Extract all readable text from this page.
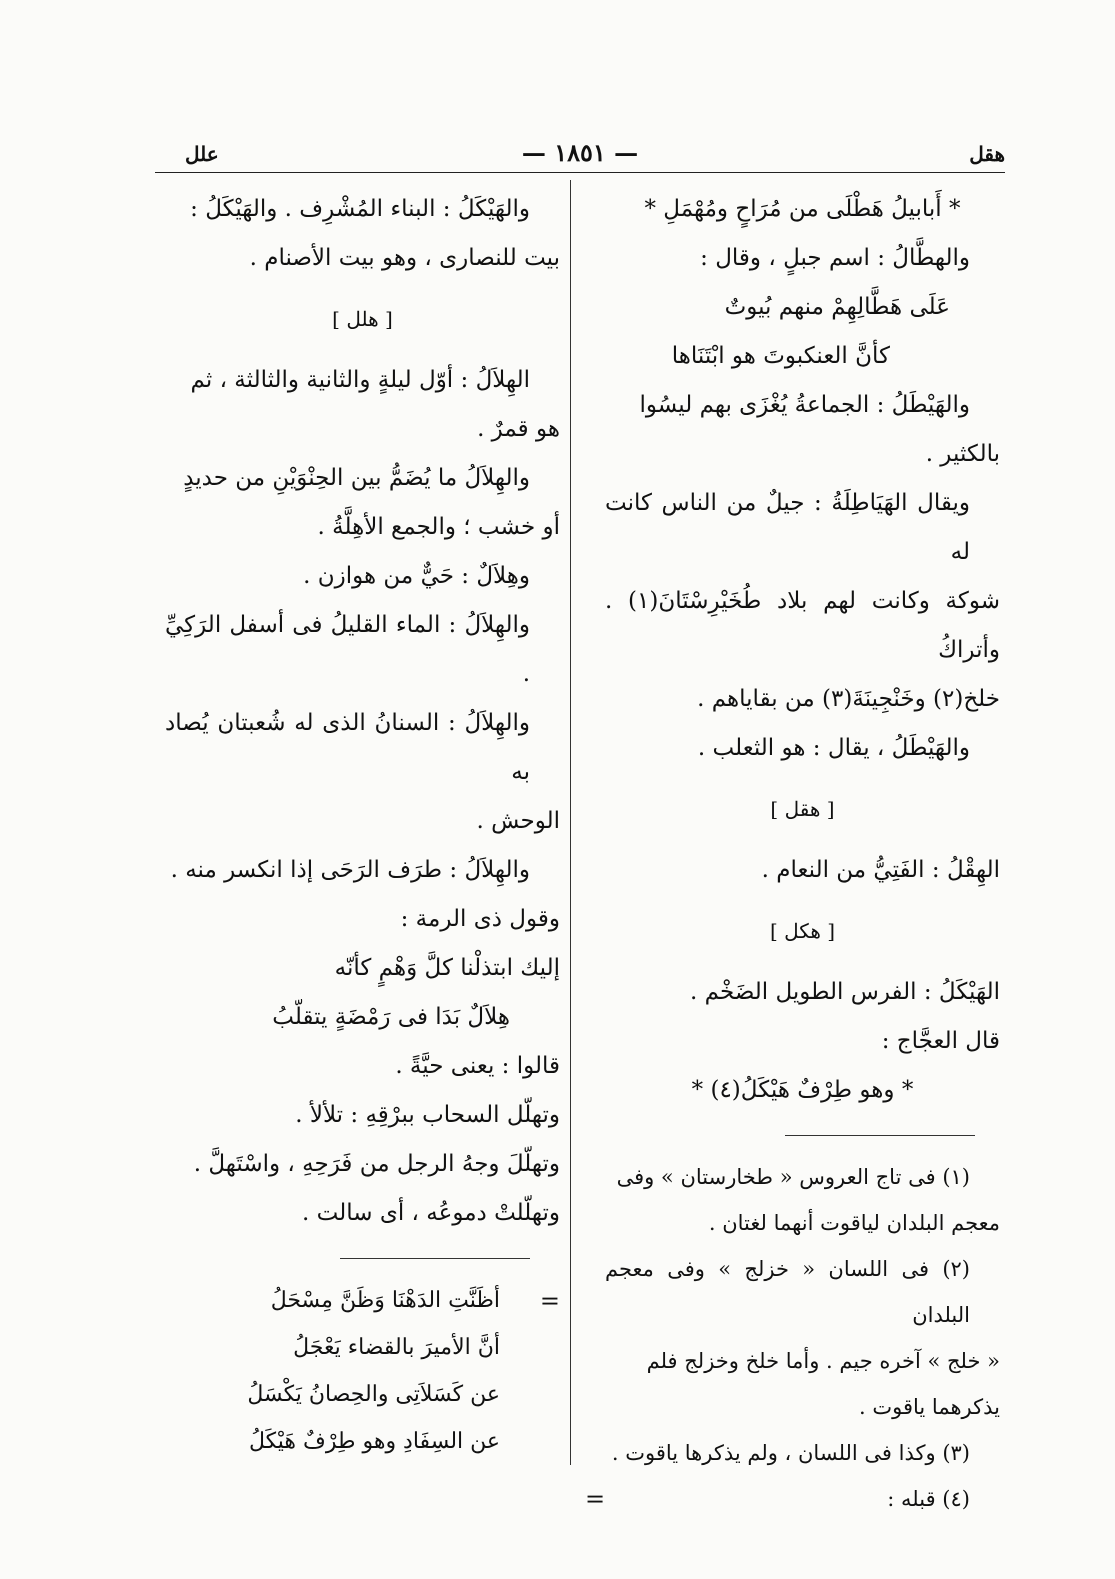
هقل
— ١٨٥١ —
علل

* أَبابيلُ هَطْلَى من مُرَاحٍ ومُهْمَلِ *

والهطَّالُ : اسم جبلٍ ، وقال :

عَلَى هَطَّالِهِمْ منهم بُيوتٌ

كأنَّ العنكبوتَ هو ابْتَنَاها

والهَيْطَلُ : الجماعةُ يُغْزَى بهم ليسُوا

بالكثير .

ويقال الهَيَاطِلَةُ : جيلٌ من الناس كانت له

شوكة وكانت لهم بلاد طُخَيْرِسْتَانَ(١) . وأتراكُ

خلخ(٢) وخَنْجِينَةَ(٣) من بقاياهم .

والهَيْطَلُ ، يقال : هو الثعلب .

[ هقل ]

الهِقْلُ : الفَتِيُّ من النعام .

[ هكل ]

الهَيْكَلُ : الفرس الطويل الضَخْم .

قال العجَّاج :

* وهو طِرْفٌ هَيْكَلُ(٤) *

(١) فى تاج العروس « طخارستان » وفى

معجم البلدان لياقوت أنهما لغتان .

(٢) فى اللسان « خزلج » وفى معجم البلدان

« خلج » آخره جيم . وأما خلخ وخزلج فلم

يذكرهما ياقوت .

(٣) وكذا فى اللسان ، ولم يذكرها ياقوت .

(٤) قبله :
=

والهَيْكَلُ : البناء المُشْرِف . والهَيْكَلُ :

بيت للنصارى ، وهو بيت الأصنام .

[ هلل ]

الهِلاَلُ : أوّل ليلةٍ والثانية والثالثة ، ثم

هو قمرٌ .

والهِلاَلُ ما يُضَمُّ بين الحِنْوَيْنِ من حديدٍ

أو خشب ؛ والجمع الأهِلَّةُ .

وهِلاَلٌ : حَيٌّ من هوازن .

والهِلاَلُ : الماء القليلُ فى أسفل الرَكِيِّ .

والهِلاَلُ : السنانُ الذى له شُعبتان يُصاد به

الوحش .

والهِلاَلُ : طرَف الرَحَى إذا انكسر منه .

وقول ذى الرمة :

إليك ابتذلْنا كلَّ وَهْمٍ كأنّه

هِلاَلٌ بَدَا فى رَمْضَةٍ يتقلّبُ

قالوا : يعنى حيَّةً .

وتهلّل السحاب ببرْقِهِ : تلألأ .

وتهلّلَ وجهُ الرجل من فَرَحِهِ ، واسْتَهلَّ .

وتهلّلتْ دموعُه ، أى سالت .

=

أظَنَّتِ الدَهْنَا وَظَنَّ مِسْحَلُ

أنَّ الأميرَ بالقضاء يَعْجَلُ

عن كَسَلاَتِى والحِصانُ يَكْسَلُ

عن السِفَادِ وهو طِرْفٌ هَيْكَلُ
